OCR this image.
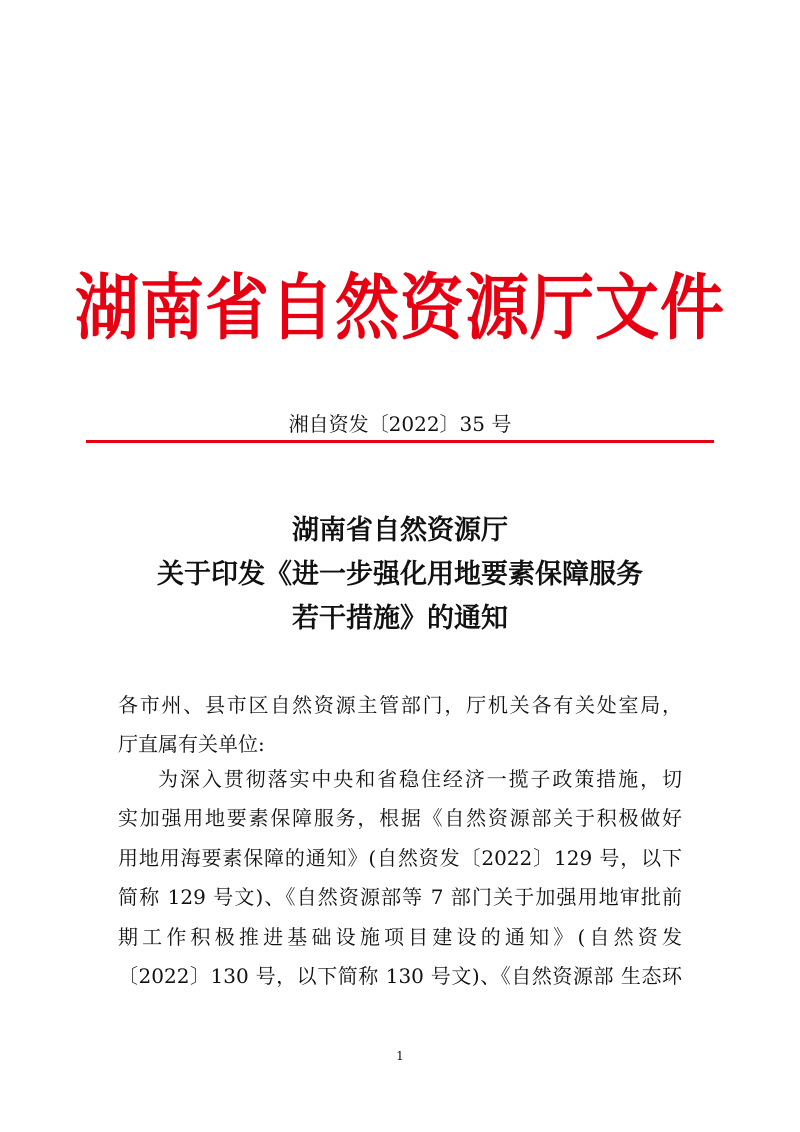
湖南省自然资源厅文件
湘自资发〔2022〕35 号
湖南省自然资源厅
关于印发《进一步强化用地要素保障服务
若干措施》的通知
各市州、县市区自然资源主管部门，厅机关各有关处室局，
厅直属有关单位:
为深入贯彻落实中央和省稳住经济一揽子政策措施，切
实加强用地要素保障服务，根据《自然资源部关于积极做好
用地用海要素保障的通知》(自然资发〔2022〕129 号，以下
简称 129 号文)、《自然资源部等 7 部门关于加强用地审批前
期工作积极推进基础设施项目建设的通知》(自然资发
〔2022〕130 号，以下简称 130 号文)、《自然资源部 生态环
1
